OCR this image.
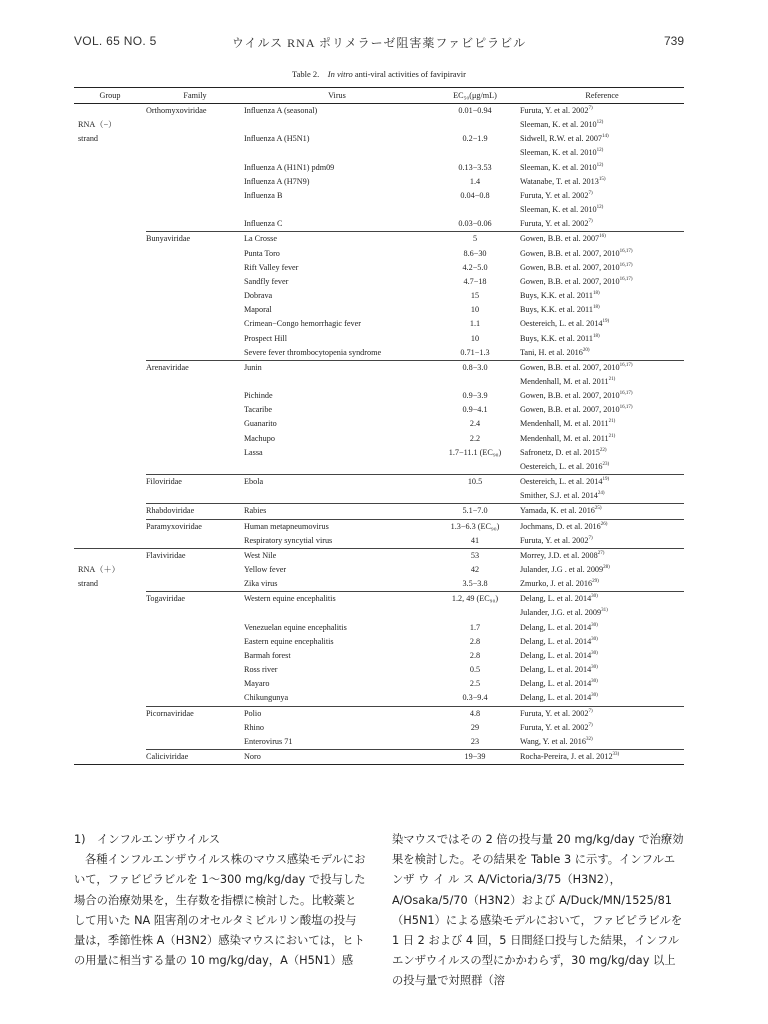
VOL. 65 NO. 5	ウイルス RNA ポリメラーゼ阻害薬ファビピラビル	739
Table 2. In vitro anti-viral activities of favipiravir
Group	Family	Virus	EC₅₀(μg/mL)	Reference
	Orthomyxoviridae	Influenza A (seasonal)	0.01−0.94	Furuta, Y. et al. 2002$^{7)}$
RNA（−）				Sleeman, K. et al. 2010$^{12)}$
strand		Influenza A (H5N1)	0.2−1.9	Sidwell, R.W. et al. 2007$^{14)}$
				Sleeman, K. et al. 2010$^{12)}$
		Influenza A (H1N1) pdm09	0.13−3.53	Sleeman, K. et al. 2010$^{12)}$
		Influenza A (H7N9)	1.4	Watanabe, T. et al. 2013$^{15)}$
		Influenza B	0.04−0.8	Furuta, Y. et al. 2002$^{7)}$
				Sleeman, K. et al. 2010$^{12)}$
		Influenza C	0.03−0.06	Furuta, Y. et al. 2002$^{7)}$
	Bunyaviridae	La Crosse	5	Gowen, B.B. et al. 2007$^{16)}$
		Punta Toro	8.6−30	Gowen, B.B. et al. 2007, 2010$^{16,17)}$
		Rift Valley fever	4.2−5.0	Gowen, B.B. et al. 2007, 2010$^{16,17)}$
		Sandfly fever	4.7−18	Gowen, B.B. et al. 2007, 2010$^{16,17)}$
		Dobrava	15	Buys, K.K. et al. 2011$^{18)}$
		Maporal	10	Buys, K.K. et al. 2011$^{18)}$
		Crimean−Congo hemorrhagic fever	1.1	Oestereich, L. et al. 2014$^{19)}$
		Prospect Hill	10	Buys, K.K. et al. 2011$^{18)}$
		Severe fever thrombocytopenia syndrome	0.71−1.3	Tani, H. et al. 2016$^{20)}$
	Arenaviridae	Junin	0.8−3.0	Gowen, B.B. et al. 2007, 2010$^{16,17)}$
				Mendenhall, M. et al. 2011$^{21)}$
		Pichinde	0.9−3.9	Gowen, B.B. et al. 2007, 2010$^{16,17)}$
		Tacaribe	0.9−4.1	Gowen, B.B. et al. 2007, 2010$^{16,17)}$
		Guanarito	2.4	Mendenhall, M. et al. 2011$^{21)}$
		Machupo	2.2	Mendenhall, M. et al. 2011$^{21)}$
		Lassa	1.7−11.1 (EC₉₀)	Safronetz, D. et al. 2015$^{22)}$
				Oestereich, L. et al. 2016$^{23)}$
	Filoviridae	Ebola	10.5	Oestereich, L. et al. 2014$^{19)}$
				Smither, S.J. et al. 2014$^{24)}$
	Rhabdoviridae	Rabies	5.1−7.0	Yamada, K. et al. 2016$^{25)}$
	Paramyxoviridae	Human metapneumovirus	1.3−6.3 (EC₉₀)	Jochmans, D. et al. 2016$^{26)}$
		Respiratory syncytial virus	41	Furuta, Y. et al. 2002$^{7)}$
	Flaviviridae	West Nile	53	Morrey, J.D. et al. 2008$^{27)}$
RNA（＋）		Yellow fever	42	Julander, J.G . et al. 2009$^{28)}$
strand		Zika virus	3.5−3.8	Zmurko, J. et al. 2016$^{29)}$
	Togaviridae	Western equine encephalitis	1.2, 49 (EC₉₀)	Delang, L. et al. 2014$^{30)}$
				Julander, J.G. et al. 2009$^{31)}$
		Venezuelan equine encephalitis	1.7	Delang, L. et al. 2014$^{30)}$
		Eastern equine encephalitis	2.8	Delang, L. et al. 2014$^{30)}$
		Barmah forest	2.8	Delang, L. et al. 2014$^{30)}$
		Ross river	0.5	Delang, L. et al. 2014$^{30)}$
		Mayaro	2.5	Delang, L. et al. 2014$^{30)}$
		Chikungunya	0.3−9.4	Delang, L. et al. 2014$^{30)}$
	Picornaviridae	Polio	4.8	Furuta, Y. et al. 2002$^{7)}$
		Rhino	29	Furuta, Y. et al. 2002$^{7)}$
		Enterovirus 71	23	Wang, Y. et al. 2016$^{32)}$
	Caliciviridae	Noro	19−39	Rocha-Pereira, J. et al. 2012$^{33)}$

1)　インフルエンザウイルス

各種インフルエンザウイルス株のマウス感染モデルにおいて，ファビピラビルを 1〜300 mg/kg/day で投与した場合の治療効果を，生存数を指標に検討した。比較薬として用いた NA 阻害剤のオセルタミビルリン酸塩の投与量は，季節性株 A（H3N2）感染マウスにおいては，ヒトの用量に相当する量の 10 mg/kg/day，A（H5N1）感

染マウスではその 2 倍の投与量 20 mg/kg/day で治療効果を検討した。その結果を Table 3 に示す。インフルエンザ ウ イ ル ス A/Victoria/3/75（H3N2），A/Osaka/5/70（H3N2）および A/Duck/MN/1525/81（H5N1）による感染モデルにおいて，ファビピラビルを 1 日 2 および 4 回，5 日間経口投与した結果，インフルエンザウイルスの型にかかわらず，30 mg/kg/day 以上の投与量で対照群（溶
